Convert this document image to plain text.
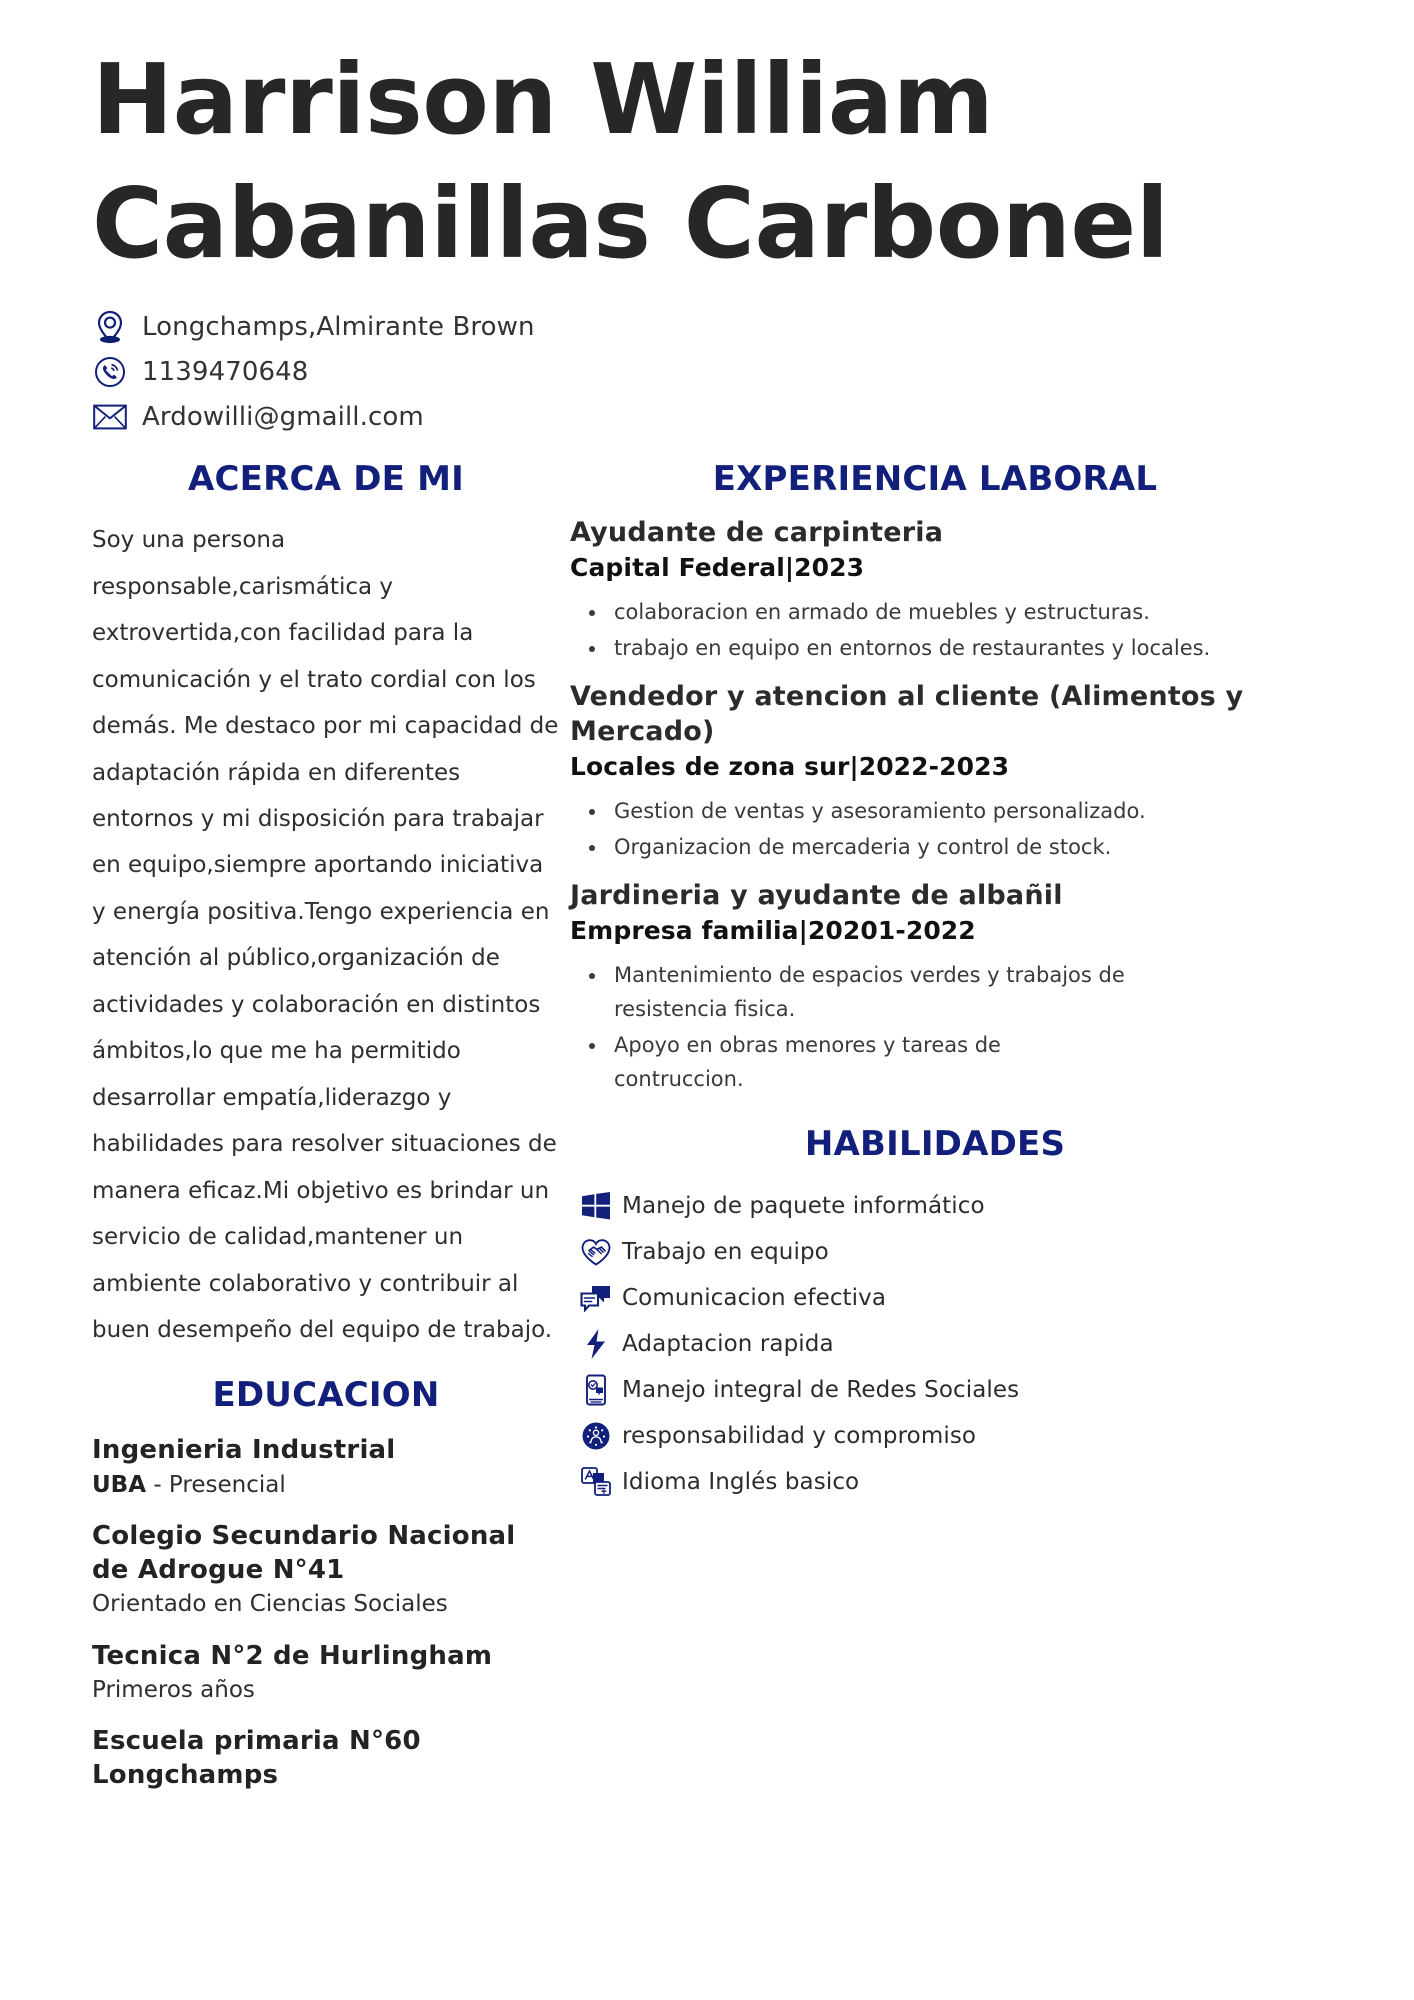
Harrison William
Cabanillas Carbonel
Longchamps,Almirante Brown
1139470648
Ardowilli@gmaill.com
ACERCA DE MI
Soy una persona responsable,carismática y extrovertida,con facilidad para la comunicación y el trato cordial con los demás. Me destaco por mi capacidad de adaptación rápida en diferentes entornos y mi disposición para trabajar en equipo,siempre aportando iniciativa y energía positiva.Tengo experiencia en atención al público,organización de actividades y colaboración en distintos ámbitos,lo que me ha permitido desarrollar empatía,liderazgo y habilidades para resolver situaciones de manera eficaz.Mi objetivo es brindar un servicio de calidad,mantener un ambiente colaborativo y contribuir al buen desempeño del equipo de trabajo.
EDUCACION
Ingenieria Industrial
UBA - Presencial
Colegio Secundario Nacional de Adrogue N°41
Orientado en Ciencias Sociales
Tecnica N°2 de Hurlingham
Primeros años
Escuela primaria N°60 Longchamps
EXPERIENCIA LABORAL
Ayudante de carpinteria
Capital Federal|2023
• colaboracion en armado de muebles y estructuras.
• trabajo en equipo en entornos de restaurantes y locales.
Vendedor y atencion al cliente (Alimentos y Mercado)
Locales de zona sur|2022-2023
• Gestion de ventas y asesoramiento personalizado.
• Organizacion de mercaderia y control de stock.
Jardineria y ayudante de albañil
Empresa familia|20201-2022
• Mantenimiento de espacios verdes y trabajos de resistencia fisica.
• Apoyo en obras menores y tareas de contruccion.
HABILIDADES
Manejo de paquete informático
Trabajo en equipo
Comunicacion efectiva
Adaptacion rapida
Manejo integral de Redes Sociales
responsabilidad y compromiso
Idioma Inglés basico
